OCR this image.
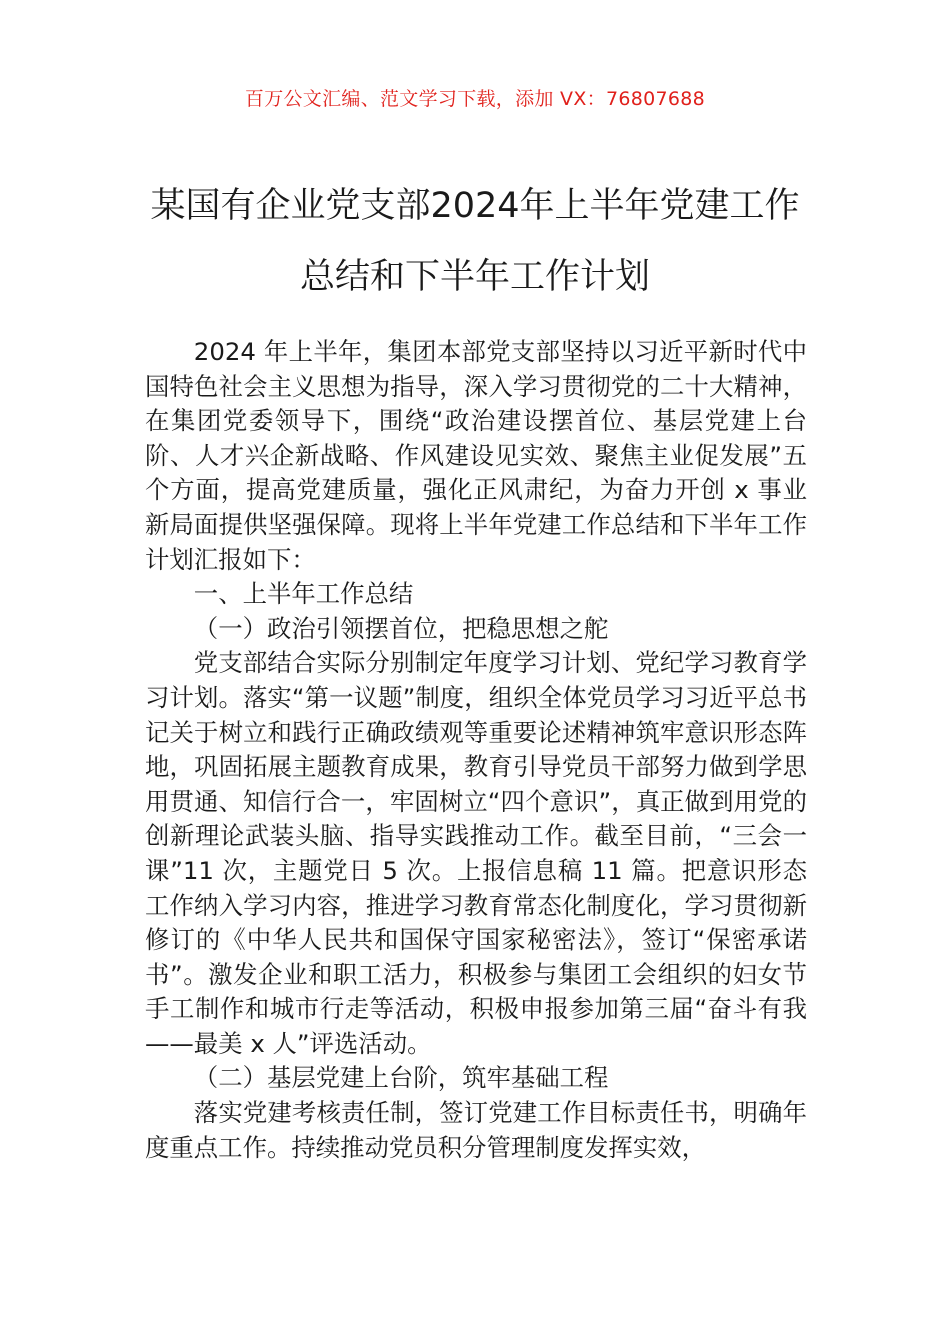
百万公文汇编、范文学习下载，添加 VX：76807688
某国有企业党支部2024年上半年党建工作
总结和下半年工作计划

2024 年上半年，集团本部党支部坚持以习近平新时代中国特色社会主义思想为指导，深入学习贯彻党的二十大精神，在集团党委领导下，围绕“政治建设摆首位、基层党建上台阶、人才兴企新战略、作风建设见实效、聚焦主业促发展”五个方面，提高党建质量，强化正风肃纪，为奋力开创 x 事业新局面提供坚强保障。现将上半年党建工作总结和下半年工作计划汇报如下：

一、上半年工作总结

（一）政治引领摆首位，把稳思想之舵

党支部结合实际分别制定年度学习计划、党纪学习教育学习计划。落实“第一议题”制度，组织全体党员学习习近平总书记关于树立和践行正确政绩观等重要论述精神筑牢意识形态阵地，巩固拓展主题教育成果，教育引导党员干部努力做到学思用贯通、知信行合一，牢固树立“四个意识”，真正做到用党的创新理论武装头脑、指导实践推动工作。截至目前，“三会一课”11 次，主题党日 5 次。上报信息稿 11 篇。把意识形态工作纳入学习内容，推进学习教育常态化制度化，学习贯彻新修订的《中华人民共和国保守国家秘密法》，签订“保密承诺书”。激发企业和职工活力，积极参与集团工会组织的妇女节手工制作和城市行走等活动，积极申报参加第三届“奋斗有我——最美 x 人”评选活动。

（二）基层党建上台阶，筑牢基础工程

落实党建考核责任制，签订党建工作目标责任书，明确年度重点工作。持续推动党员积分管理制度发挥实效，
